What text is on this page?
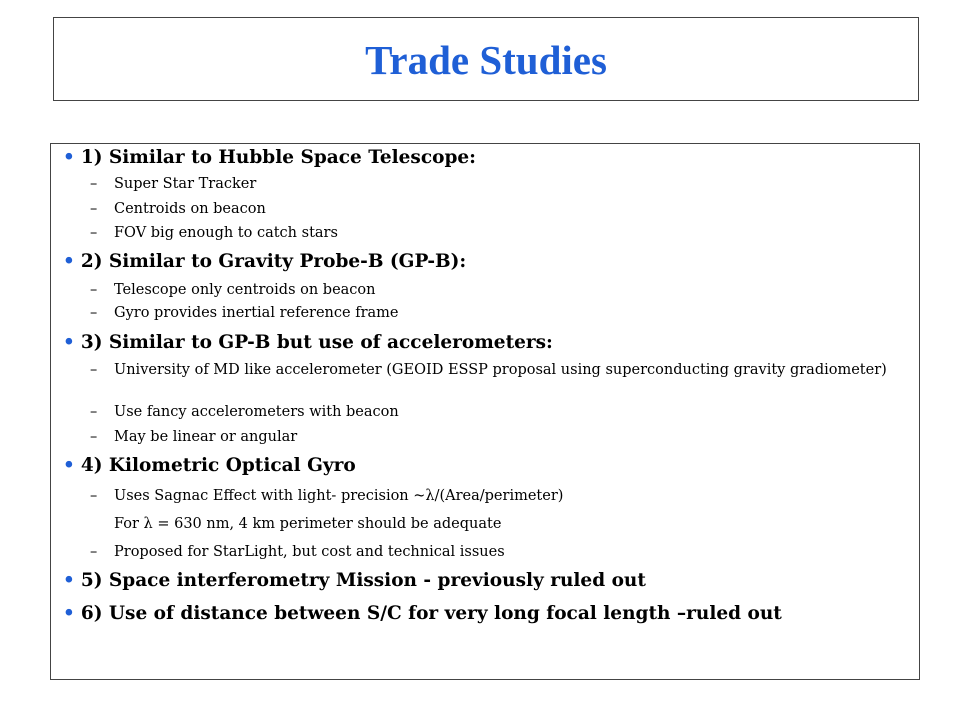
Trade Studies
• 1) Similar to Hubble Space Telescope:
– Super Star Tracker
– Centroids on beacon
– FOV big enough to catch stars
• 2) Similar to Gravity Probe-B (GP-B):
– Telescope only centroids on beacon
– Gyro provides inertial reference frame
• 3) Similar to GP-B but use of accelerometers:
– University of MD like accelerometer (GEOID ESSP proposal using superconducting gravity gradiometer)
– Use fancy accelerometers with beacon
– May be linear or angular
• 4) Kilometric Optical Gyro
– Uses Sagnac Effect with light- precision ~λ/(Area/perimeter)
For λ = 630 nm, 4 km perimeter should be adequate
– Proposed for StarLight, but cost and technical issues
• 5) Space interferometry Mission - previously ruled out
• 6) Use of distance between S/C for very long focal length –ruled out
